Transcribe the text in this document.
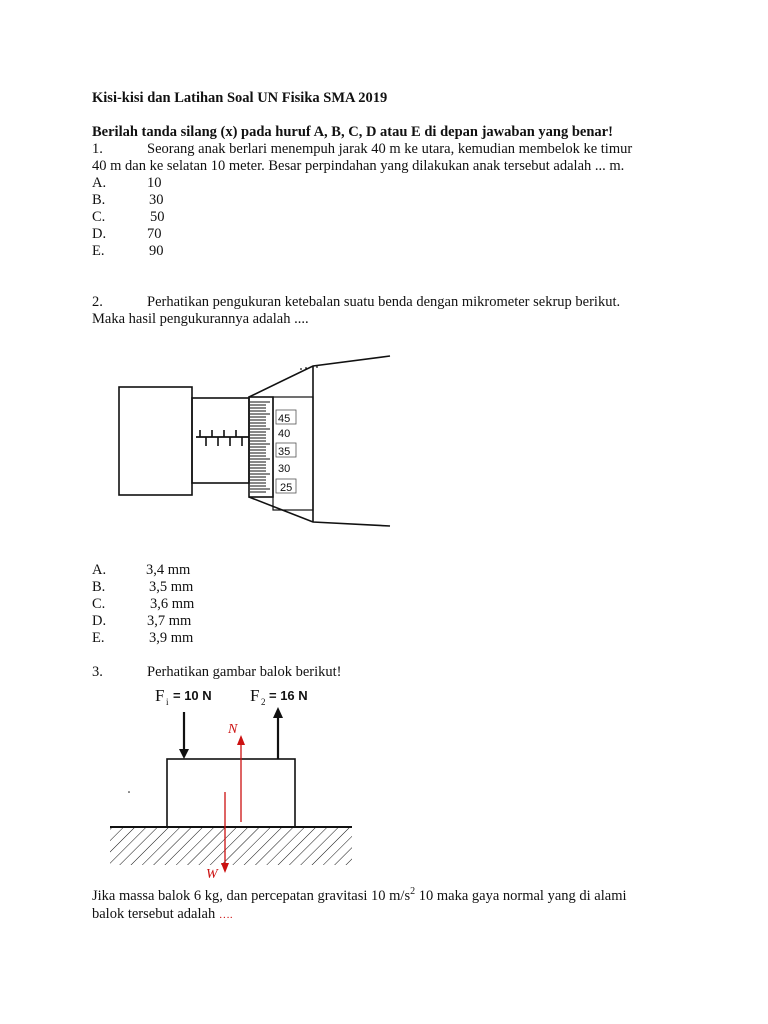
Kisi-kisi dan Latihan Soal UN Fisika SMA 2019
Berilah tanda silang (x) pada huruf A, B, C, D atau E di depan jawaban yang benar!
1.	Seorang anak berlari menempuh jarak 40 m ke utara, kemudian membelok ke timur
40 m dan ke selatan 10 meter. Besar perpindahan yang dilakukan anak tersebut adalah ... m.
A.	10
B.	30
C.	50
D.	70
E.	90
2.	Perhatikan pengukuran ketebalan suatu benda dengan mikrometer sekrup berikut.
Maka hasil pengukurannya adalah ....
45
40
35
30
25
A.	3,4 mm
B.	3,5 mm
C.	3,6 mm
D.	3,7 mm
E.	3,9 mm
3.	Perhatikan gambar balok berikut!
F i = 10 N F 2 = 16 N
N
W
Jika massa balok 6 kg, dan percepatan gravitasi 10 $m/s^2$ 10 maka gaya normal yang di alami
balok tersebut adalah ….
